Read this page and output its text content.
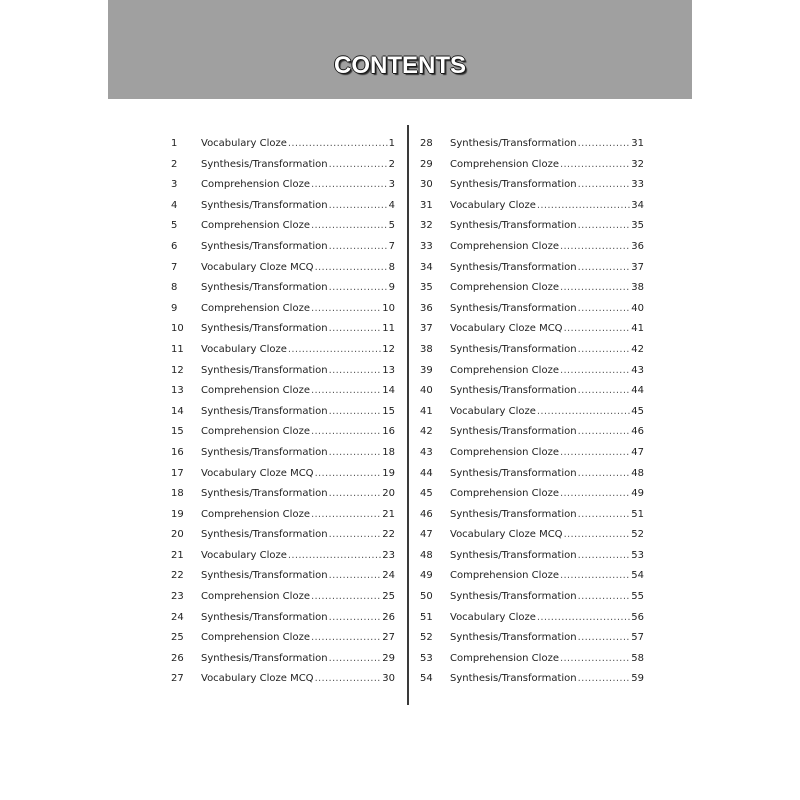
CONTENTS
1	Vocabulary Cloze .....	1
2	Synthesis/Transformation .....	2
3	Comprehension Cloze .....	3
4	Synthesis/Transformation .....	4
5	Comprehension Cloze .....	5
6	Synthesis/Transformation .....	7
7	Vocabulary Cloze MCQ .....	8
8	Synthesis/Transformation .....	9
9	Comprehension Cloze .....	10
10	Synthesis/Transformation .....	11
11	Vocabulary Cloze .....	12
12	Synthesis/Transformation .....	13
13	Comprehension Cloze .....	14
14	Synthesis/Transformation .....	15
15	Comprehension Cloze .....	16
16	Synthesis/Transformation .....	18
17	Vocabulary Cloze MCQ .....	19
18	Synthesis/Transformation .....	20
19	Comprehension Cloze .....	21
20	Synthesis/Transformation .....	22
21	Vocabulary Cloze .....	23
22	Synthesis/Transformation .....	24
23	Comprehension Cloze .....	25
24	Synthesis/Transformation .....	26
25	Comprehension Cloze .....	27
26	Synthesis/Transformation .....	29
27	Vocabulary Cloze MCQ .....	30
28	Synthesis/Transformation .....	31
29	Comprehension Cloze .....	32
30	Synthesis/Transformation .....	33
31	Vocabulary Cloze .....	34
32	Synthesis/Transformation .....	35
33	Comprehension Cloze .....	36
34	Synthesis/Transformation .....	37
35	Comprehension Cloze .....	38
36	Synthesis/Transformation .....	40
37	Vocabulary Cloze MCQ .....	41
38	Synthesis/Transformation .....	42
39	Comprehension Cloze .....	43
40	Synthesis/Transformation .....	44
41	Vocabulary Cloze .....	45
42	Synthesis/Transformation .....	46
43	Comprehension Cloze .....	47
44	Synthesis/Transformation .....	48
45	Comprehension Cloze .....	49
46	Synthesis/Transformation .....	51
47	Vocabulary Cloze MCQ .....	52
48	Synthesis/Transformation .....	53
49	Comprehension Cloze .....	54
50	Synthesis/Transformation .....	55
51	Vocabulary Cloze .....	56
52	Synthesis/Transformation .....	57
53	Comprehension Cloze .....	58
54	Synthesis/Transformation .....	59
